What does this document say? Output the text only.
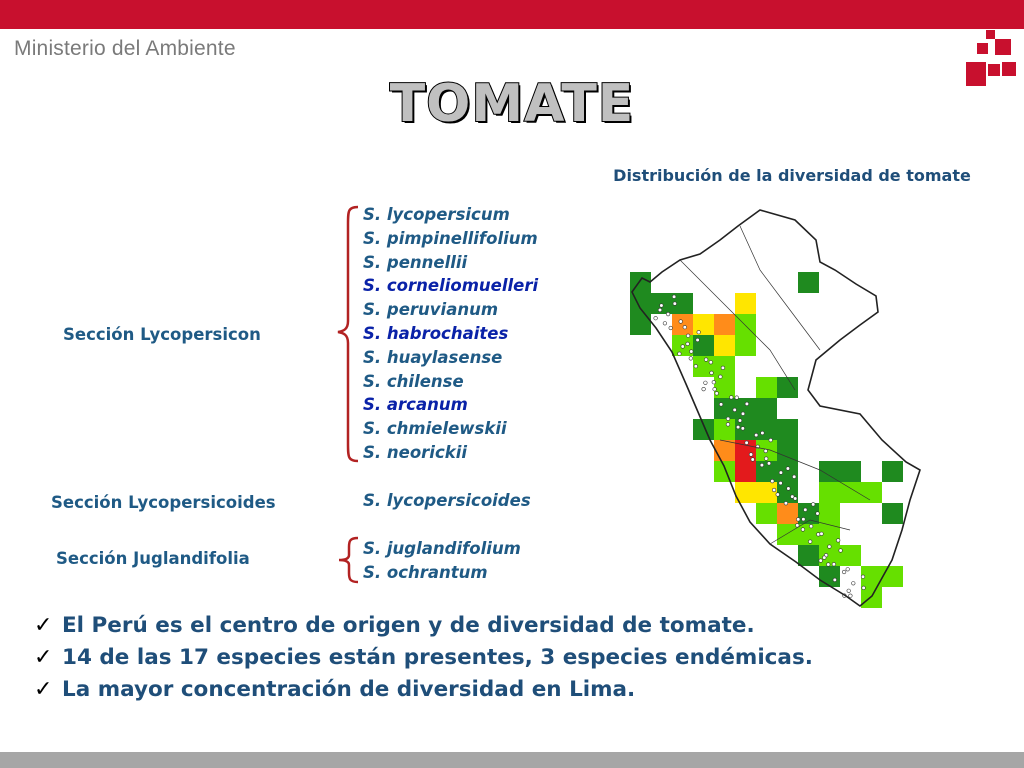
Ministerio del Ambiente
TOMATE
Distribución de la diversidad de tomate
Sección Lycopersicon
Sección Lycopersicoides
Sección Juglandifolia
S. lycopersicum
S. pimpinellifolium
S. pennellii
S. corneliomuelleri
S. peruvianum
S. habrochaites
S. huaylasense
S. chilense
S. arcanum
S. chmielewskii
S. neorickii
S. lycopersicoides
S. juglandifolium
S. ochrantum
✓ El Perú es el centro de origen y de diversidad de tomate.
✓ 14 de las 17 especies están presentes, 3 especies endémicas.
✓ La mayor concentración de diversidad en Lima.
